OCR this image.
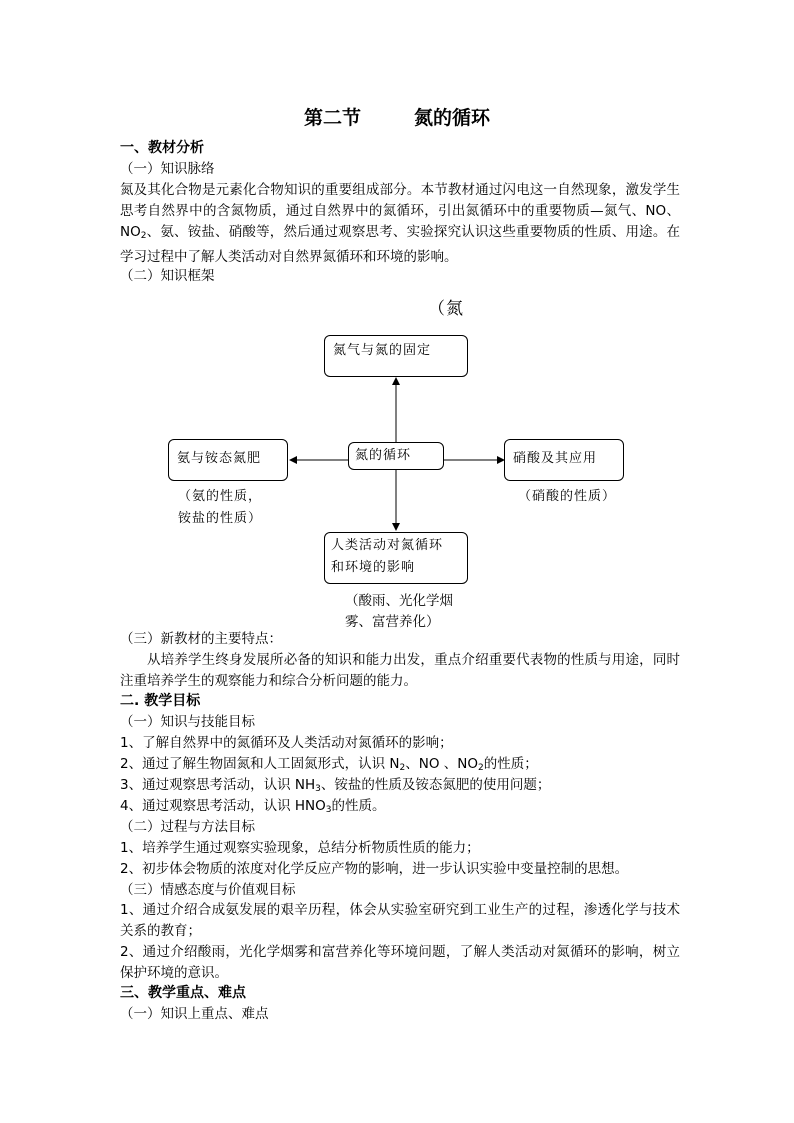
第二节        氮的循环
一、教材分析
（一）知识脉络
氮及其化合物是元素化合物知识的重要组成部分。本节教材通过闪电这一自然现象，激发学生思考自然界中的含氮物质，通过自然界中的氮循环，引出氮循环中的重要物质—氮气、NO、$NO_2$、氨、铵盐、硝酸等，然后通过观察思考、实验探究认识这些重要物质的性质、用途。在学习过程中了解人类活动对自然界氮循环和环境的影响。
（二）知识框架
（氮
氮气与氮的固定
氮的循环
氨与铵态氮肥	硝酸及其应用
人类活动对氮循环
和环境的影响
（氨的性质，
铵盐的性质）
（硝酸的性质）
（酸雨、光化学烟
雾、富营养化）
（三）新教材的主要特点：
从培养学生终身发展所必备的知识和能力出发，重点介绍重要代表物的性质与用途，同时注重培养学生的观察能力和综合分析问题的能力。
二. 教学目标
（一）知识与技能目标
1、了解自然界中的氮循环及人类活动对氮循环的影响；
2、通过了解生物固氮和人工固氮形式，认识 $N_2$、NO 、$NO_2$的性质；
3、通过观察思考活动，认识 $NH_3$、铵盐的性质及铵态氮肥的使用问题；
4、通过观察思考活动，认识 $HNO_3$的性质。
（二）过程与方法目标
1、培养学生通过观察实验现象，总结分析物质性质的能力；
2、初步体会物质的浓度对化学反应产物的影响，进一步认识实验中变量控制的思想。
（三）情感态度与价值观目标
1、通过介绍合成氨发展的艰辛历程，体会从实验室研究到工业生产的过程，渗透化学与技术关系的教育；
2、通过介绍酸雨，光化学烟雾和富营养化等环境问题，了解人类活动对氮循环的影响，树立保护环境的意识。
三、教学重点、难点
（一）知识上重点、难点
